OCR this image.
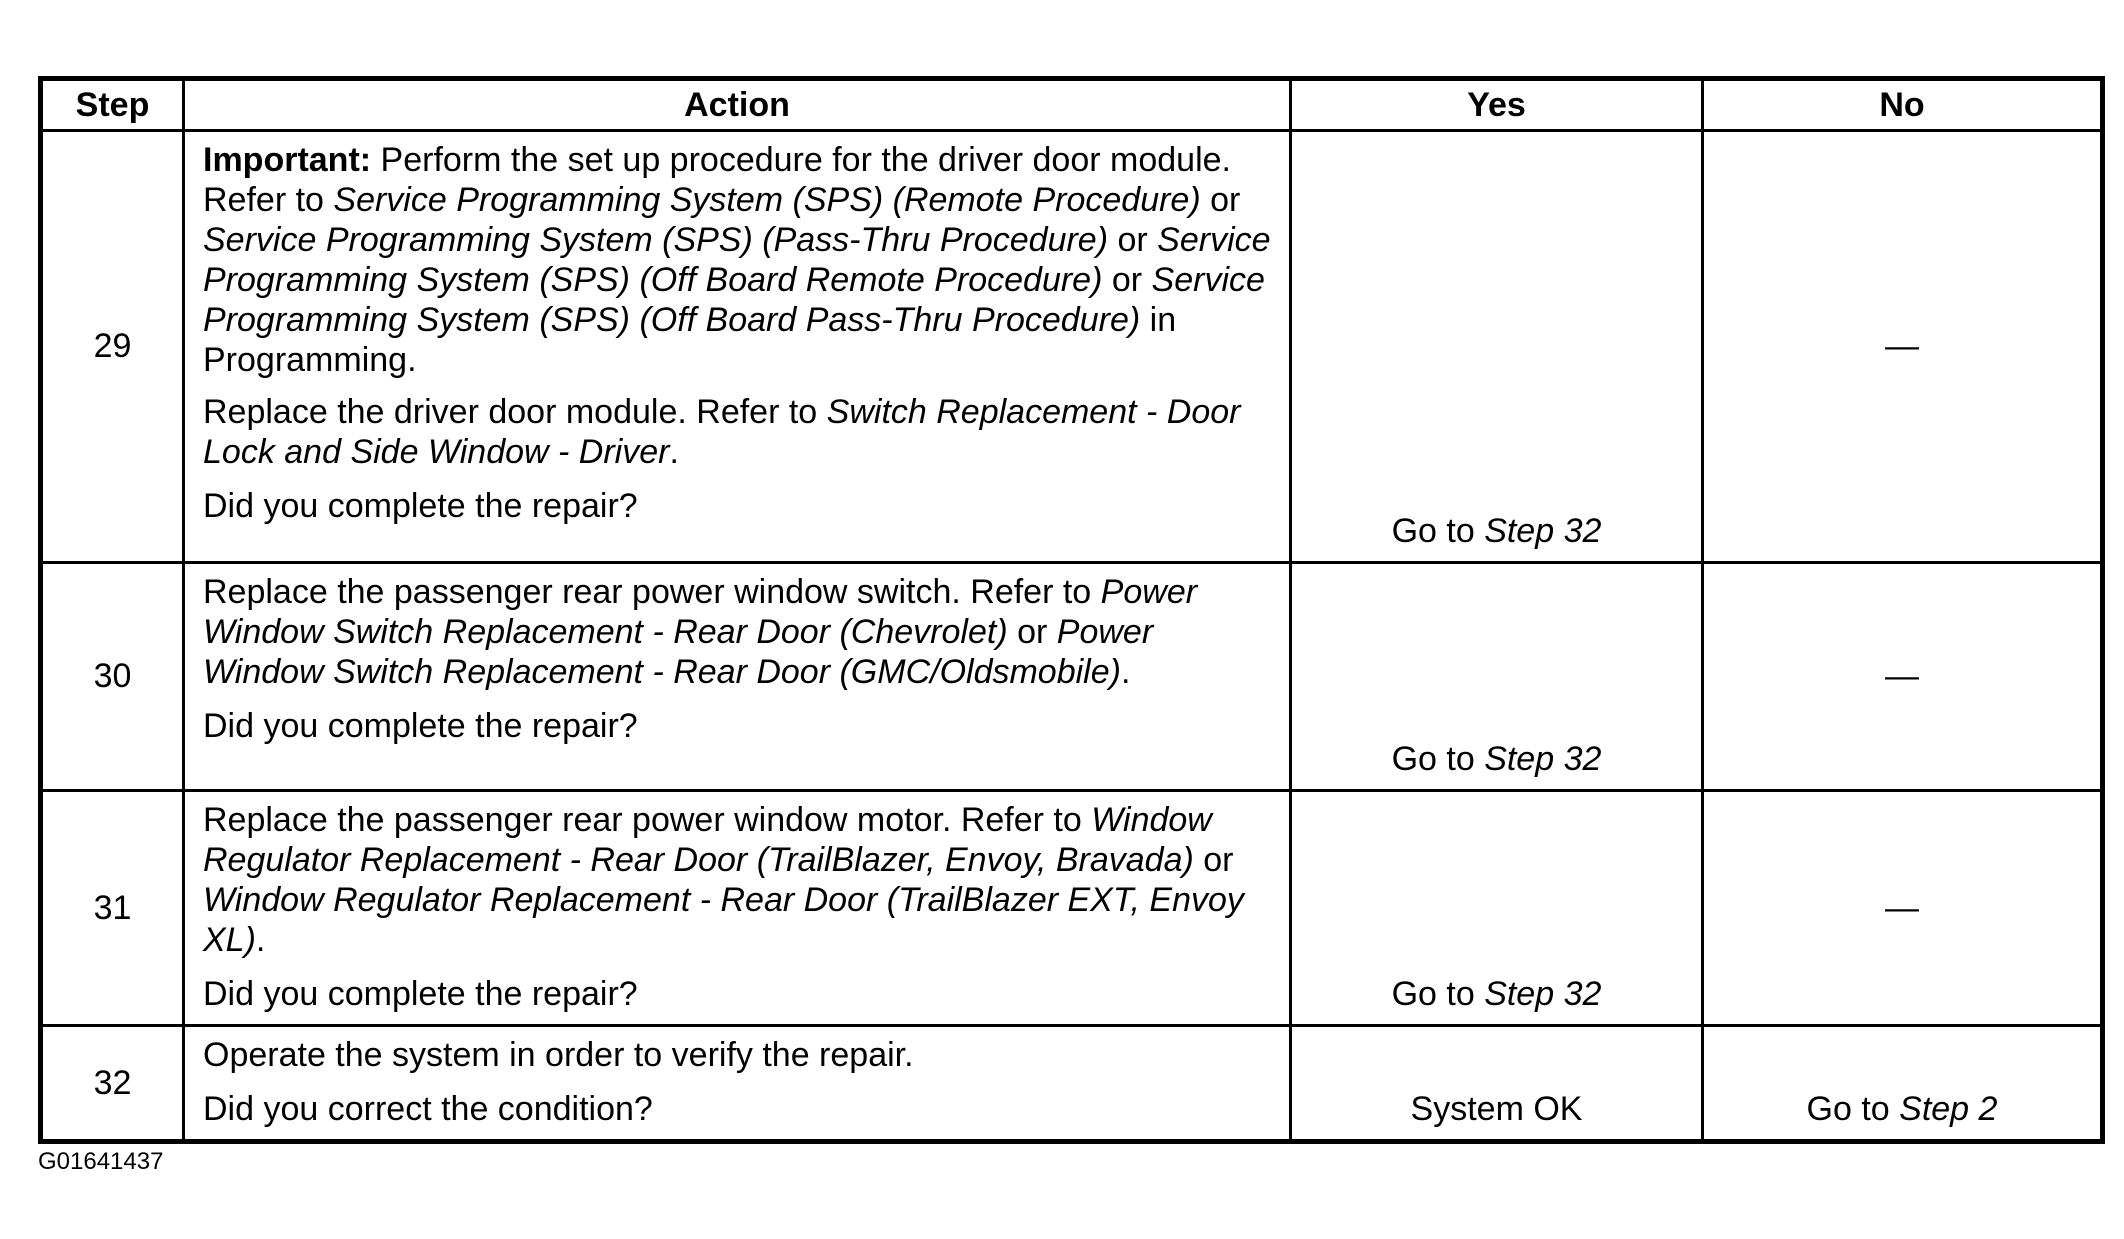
Step	Action	Yes	No
29	Important: Perform the set up procedure for the driver door module. Refer to Service Programming System (SPS) (Remote Procedure) or Service Programming System (SPS) (Pass-Thru Procedure) or Service Programming System (SPS) (Off Board Remote Procedure) or Service Programming System (SPS) (Off Board Pass-Thru Procedure) in Programming.
Replace the driver door module. Refer to Switch Replacement - Door Lock and Side Window - Driver.
Did you complete the repair?	Go to Step 32	—
30	Replace the passenger rear power window switch. Refer to Power Window Switch Replacement - Rear Door (Chevrolet) or Power Window Switch Replacement - Rear Door (GMC/Oldsmobile).
Did you complete the repair?	Go to Step 32	—
31	Replace the passenger rear power window motor. Refer to Window Regulator Replacement - Rear Door (TrailBlazer, Envoy, Bravada) or Window Regulator Replacement - Rear Door (TrailBlazer EXT, Envoy XL).
Did you complete the repair?	Go to Step 32	—
32	Operate the system in order to verify the repair.
Did you correct the condition?	System OK	Go to Step 2
G01641437
